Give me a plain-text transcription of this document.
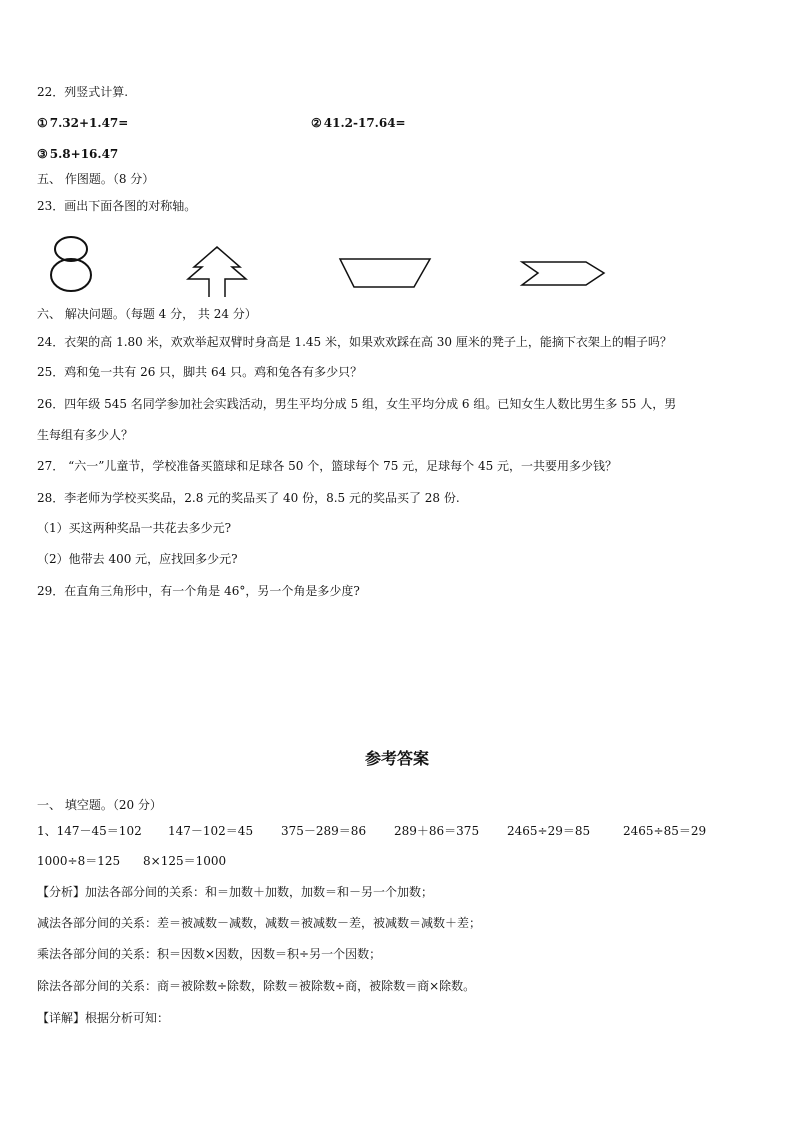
22．列竖式计算.
① 7.32+1.47=	② 41.2-17.64=
③ 5.8+16.47
五、 作图题。（8 分）
23．画出下面各图的对称轴。
六、 解决问题。（每题 4 分， 共 24 分）
24．衣架的高 1.80 米，欢欢举起双臂时身高是 1.45 米，如果欢欢踩在高 30 厘米的凳子上，能摘下衣架上的帽子吗？
25．鸡和兔一共有 26 只，脚共 64 只。鸡和兔各有多少只？
26．四年级 545 名同学参加社会实践活动，男生平均分成 5 组，女生平均分成 6 组。已知女生人数比男生多 55 人，男
生每组有多少人？
27． “六一”儿童节，学校准备买篮球和足球各 50 个，篮球每个 75 元，足球每个 45 元，一共要用多少钱？
28．李老师为学校买奖品，2.8 元的奖品买了 40 份，8.5 元的奖品买了 28 份.
（1）买这两种奖品一共花去多少元?
（2）他带去 400 元，应找回多少元?
29．在直角三角形中，有一个角是 46°，另一个角是多少度?
参考答案
一、 填空题。（20 分）
1、147－45＝102 147－102＝45 375－289＝86 289＋86＝375 2465÷29＝85	2465÷85＝29
1000÷8＝125 8×125＝1000
【分析】加法各部分间的关系：和＝加数＋加数，加数＝和－另一个加数；
减法各部分间的关系：差＝被减数－减数，减数＝被减数－差，被减数＝减数＋差；
乘法各部分间的关系：积＝因数×因数，因数＝积÷另一个因数；
除法各部分间的关系：商＝被除数÷除数，除数＝被除数÷商，被除数＝商×除数。
【详解】根据分析可知：
